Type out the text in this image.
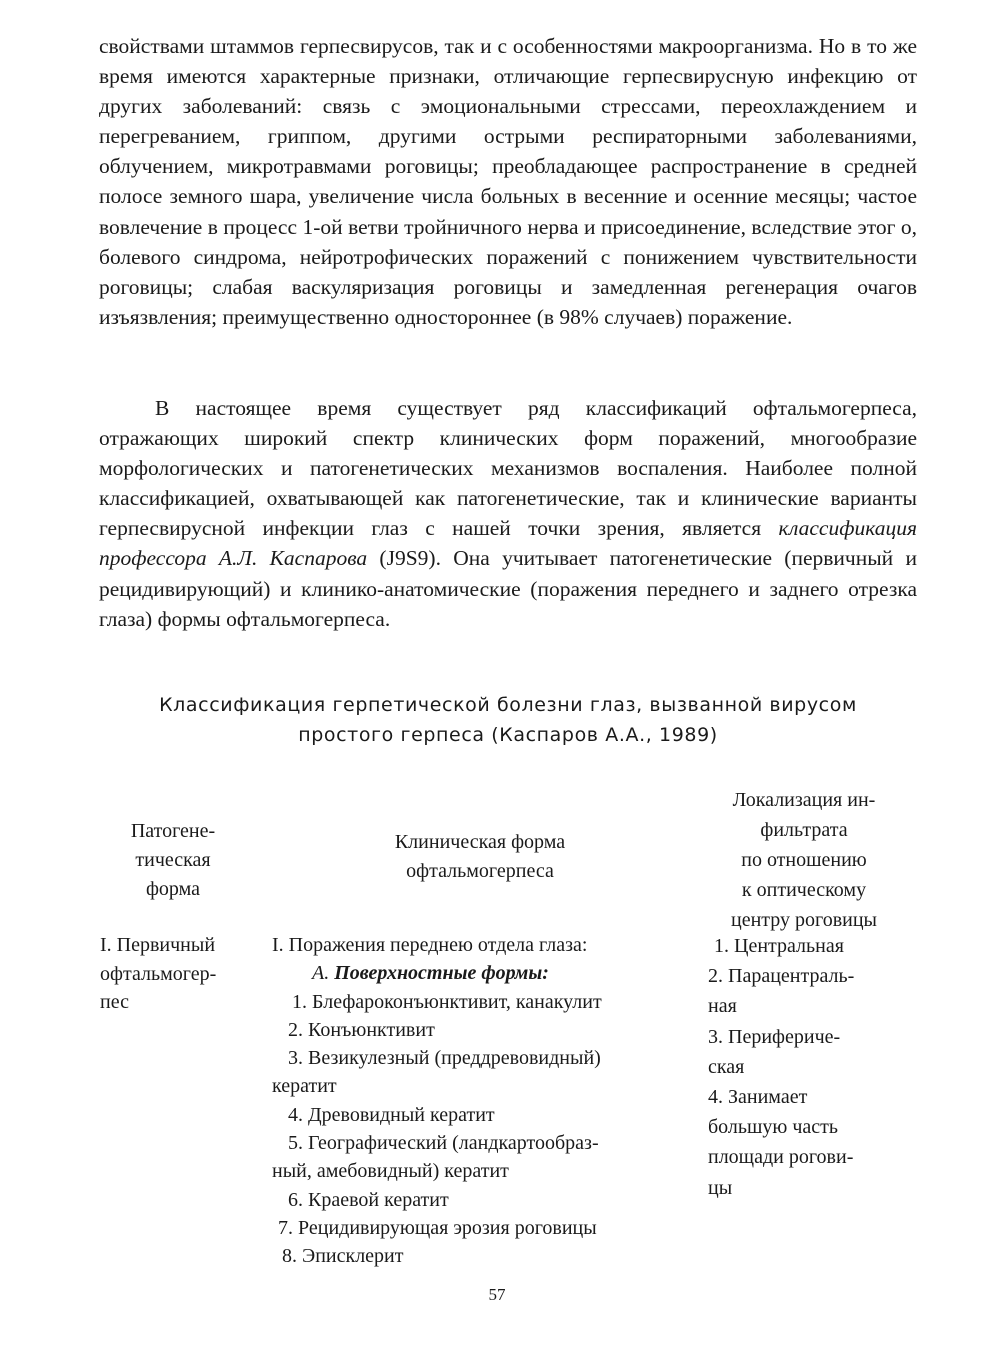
свойствами штаммов герпесвирусов, так и с особенностями макроорганизма. Но в то же время имеются характерные признаки, отличающие герпесвирусную инфекцию от других заболеваний: связь с эмоциональными стрессами, переохлаждением и перегреванием, гриппом, другими острыми респираторными заболеваниями, облучением, микротравмами роговицы; преобладающее распространение в средней полосе земного шара, увеличение числа больных в весенние и осенние месяцы; частое вовлечение в процесс 1-ой ветви тройничного нерва и присоединение, вследствие этог о, болевого синдрома, нейротрофических поражений с понижением чувствительности роговицы; слабая васкуляризация роговицы и замедленная регенерация очагов изъязвления; преимущественно одностороннее (в 98% случаев) поражение.

В настоящее время существует ряд классификаций офтальмогерпеса, отражающих широкий спектр клинических форм поражений, многообразие морфологических и патогенетических механизмов воспаления. Наиболее полной классификацией, охватывающей как патогенетические, так и клинические варианты герпесвирусной инфекции глаз с нашей точки зрения, является классификация профессора А.Л. Каспарова (J9S9). Она учитывает патогенетические (первичный и рецидивирующий) и клинико-анатомические (поражения переднего и заднего отрезка глаза) формы офтальмогерпеса.

Классификация герпетической болезни глаз, вызванной вирусом
простого герпеса (Каспаров А.А., 1989)
Патогене-
тическая
форма
Клиническая форма
офтальмогерпеса
Локализация ин-
фильтрата
по отношению
к оптическому
центру роговицы
I. Первичный
офтальмогер-
пес
I. Поражения переднею отдела глаза:
А. Поверхностные формы:
1. Блефароконъюнктивит, канакулит
2. Конъюнктивит
3. Везикулезный (преддревовидный)
кератит
4. Древовидный кератит
5. Географический (ландкартообраз-
ный, амебовидный) кератит
6. Краевой кератит
7. Рецидивирующая эрозия роговицы
8. Эписклерит
1. Центральная
2. Парацентраль-
ная
3. Перифериче-
ская
4. Занимает
большую часть
площади рогови-
цы
57
